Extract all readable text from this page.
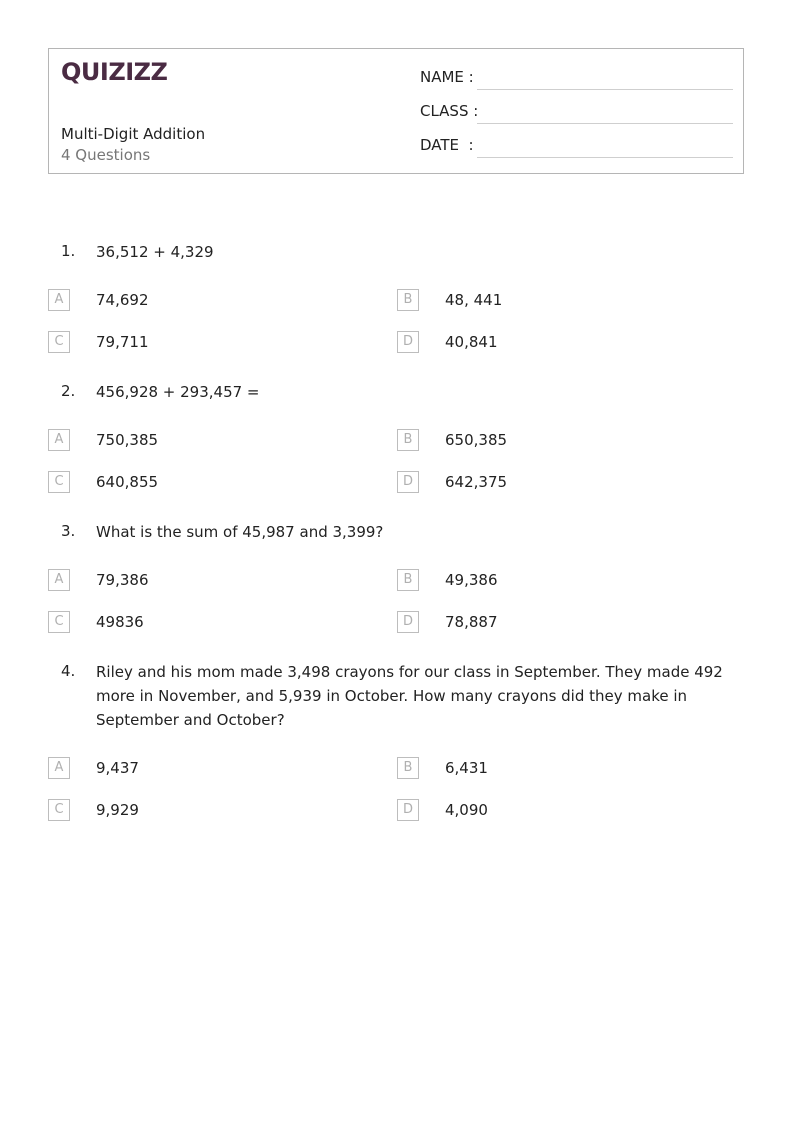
QUIZIZZ
Multi-Digit Addition
4 Questions
NAME :
CLASS :
DATE  :
1. 36,512 + 4,329
A	74,692	B	48, 441
C	79,711	D	40,841
2. 456,928 + 293,457 =
A	750,385	B	650,385
C	640,855	D	642,375
3. What is the sum of 45,987 and 3,399?
A	79,386	B	49,386
C	49836	D	78,887
4. Riley and his mom made 3,498 crayons for our class in September. They made 492 more in November, and 5,939 in October. How many crayons did they make in September and October?
A	9,437	B	6,431
C	9,929	D	4,090
